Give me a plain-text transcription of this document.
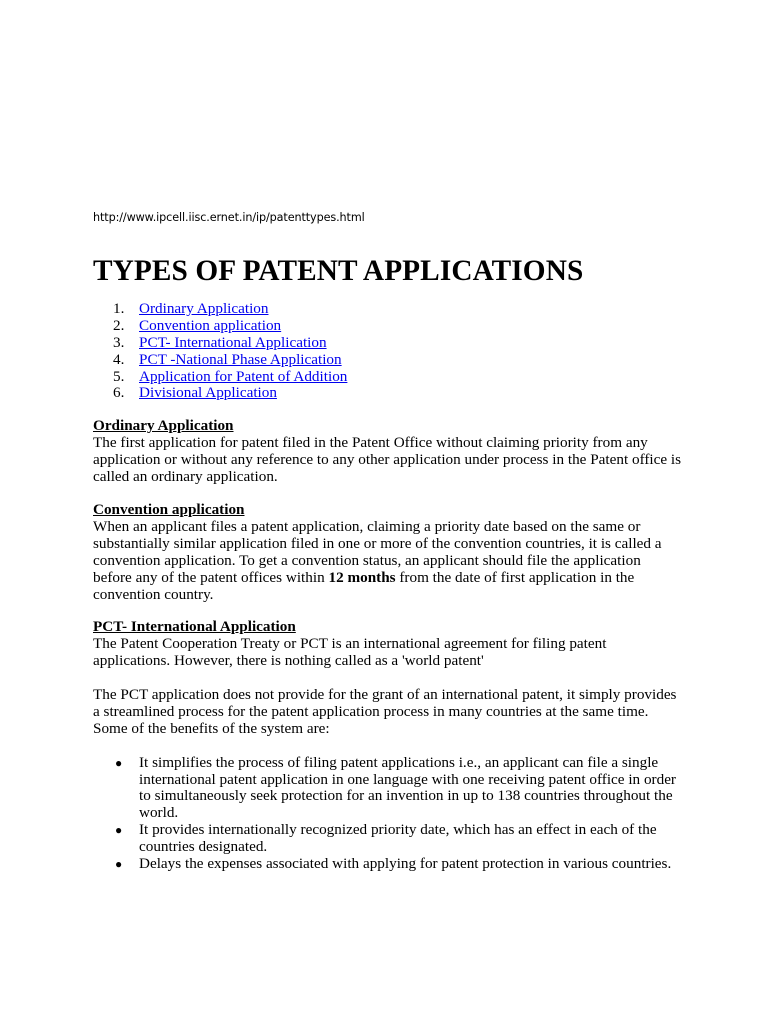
http://www.ipcell.iisc.ernet.in/ip/patenttypes.html

TYPES OF PATENT APPLICATIONS
1. Ordinary Application
2. Convention application
3. PCT- International Application
4. PCT -National Phase Application
5. Application for Patent of Addition
6. Divisional Application

Ordinary Application

The first application for patent filed in the Patent Office without claiming priority from any application or without any reference to any other application under process in the Patent office is called an ordinary application.

Convention application

When an applicant files a patent application, claiming a priority date based on the same or substantially similar application filed in one or more of the convention countries, it is called a convention application. To get a convention status, an applicant should file the application before any of the patent offices within 12 months from the date of first application in the convention country.

PCT- International Application

The Patent Cooperation Treaty or PCT is an international agreement for filing patent applications. However, there is nothing called as a 'world patent'

The PCT application does not provide for the grant of an international patent, it simply provides a streamlined process for the patent application process in many countries at the same time. Some of the benefits of the system are:

● It simplifies the process of filing patent applications i.e., an applicant can file a single international patent application in one language with one receiving patent office in order to simultaneously seek protection for an invention in up to 138 countries throughout the world.
● It provides internationally recognized priority date, which has an effect in each of the countries designated.
● Delays the expenses associated with applying for patent protection in various countries.
